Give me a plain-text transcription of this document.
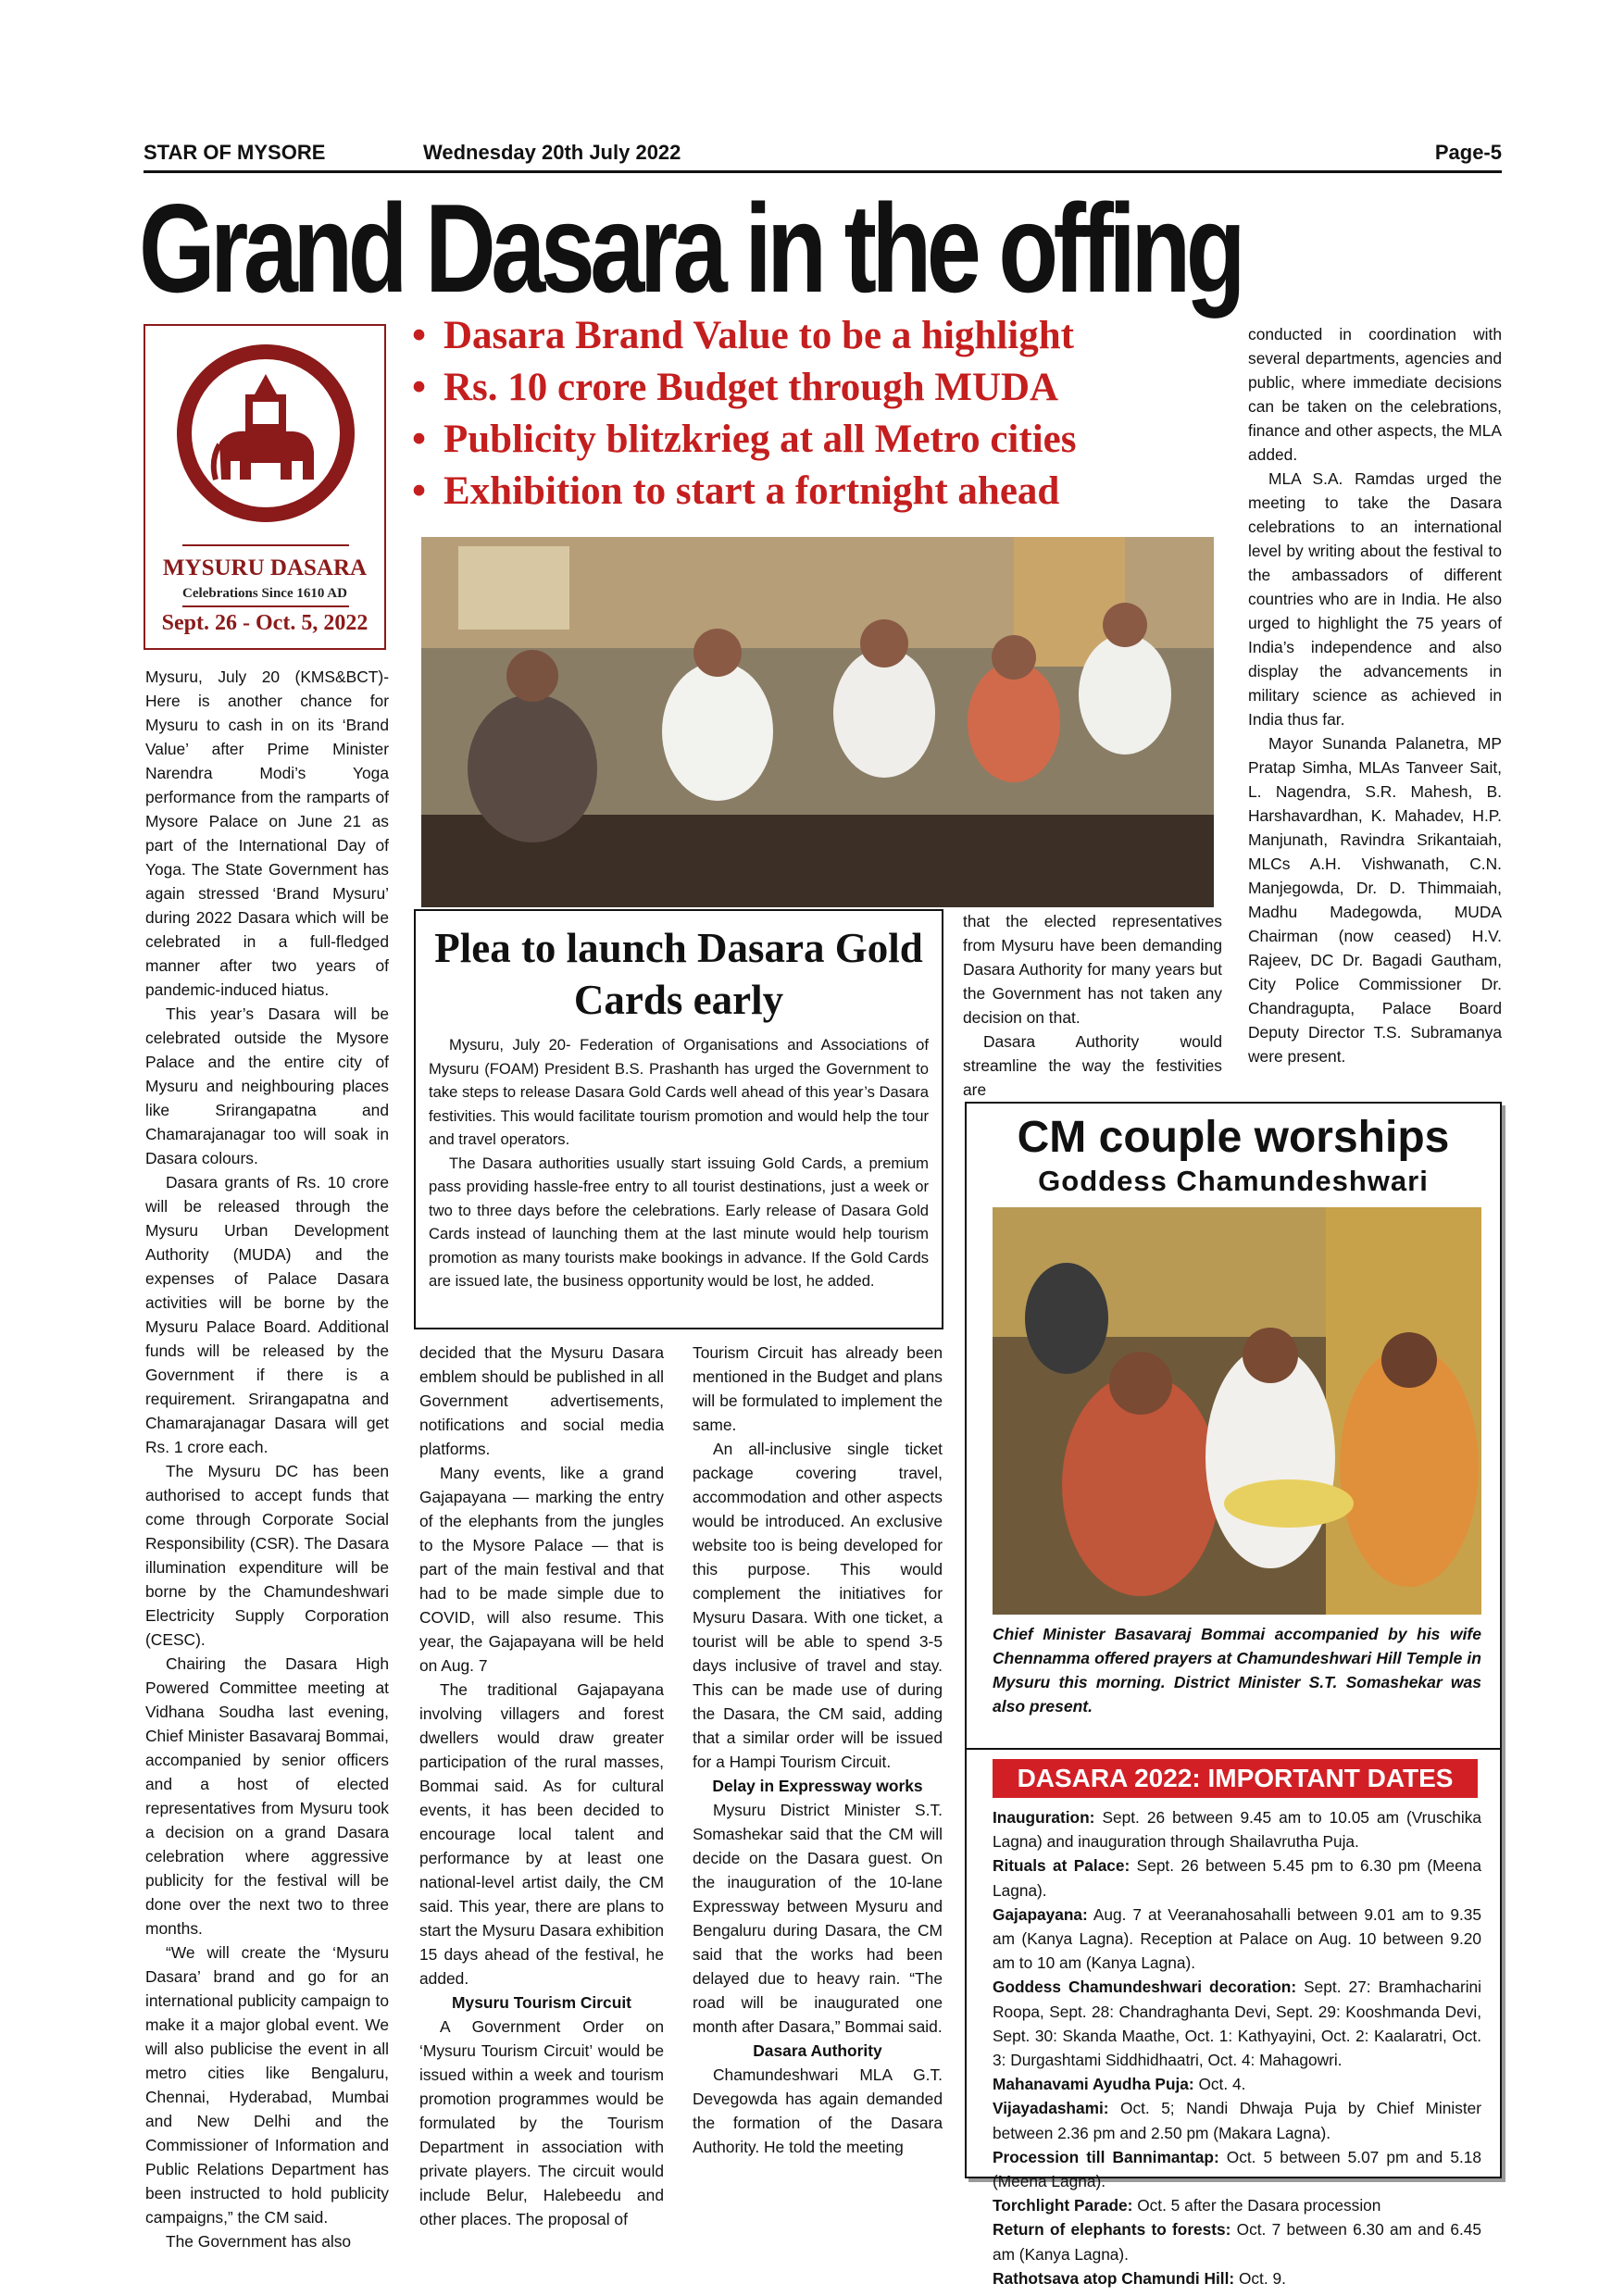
STAR OF MYSORE	Wednesday 20th July 2022	Page-5
Grand Dasara in the offing
MYSURU DASARA
Celebrations Since 1610 AD
Sept. 26 - Oct. 5, 2022
• Dasara Brand Value to be a highlight
• Rs. 10 crore Budget through MUDA
• Publicity blitzkrieg at all Metro cities
• Exhibition to start a fortnight ahead

Mysuru, July 20 (KMS&BCT)- Here is another chance for Mysuru to cash in on its ‘Brand Value’ after Prime Minister Narendra Modi’s Yoga performance from the ramparts of Mysore Palace on June 21 as part of the International Day of Yoga. The State Government has again stressed ‘Brand Mysuru’ during 2022 Dasara which will be celebrated in a full-fledged manner after two years of pandemic-induced hiatus.

This year’s Dasara will be celebrated outside the Mysore Palace and the entire city of Mysuru and neighbouring places like Srirangapatna and Chamarajanagar too will soak in Dasara colours.

Dasara grants of Rs. 10 crore will be released through the Mysuru Urban Development Authority (MUDA) and the expenses of Palace Dasara activities will be borne by the Mysuru Palace Board. Additional funds will be released by the Government if there is a requirement. Srirangapatna and Chamarajanagar Dasara will get Rs. 1 crore each.

The Mysuru DC has been authorised to accept funds that come through Corporate Social Responsibility (CSR). The Dasara illumination expenditure will be borne by the Chamundeshwari Electricity Supply Corporation (CESC).

Chairing the Dasara High Powered Committee meeting at Vidhana Soudha last evening, Chief Minister Basavaraj Bommai, accompanied by senior officers and a host of elected representatives from Mysuru took a decision on a grand Dasara celebration where aggressive publicity for the festival will be done over the next two to three months.

“We will create the ‘Mysuru Dasara’ brand and go for an international publicity campaign to make it a major global event. We will also publicise the event in all metro cities like Bengaluru, Chennai, Hyderabad, Mumbai and New Delhi and the Commissioner of Information and Public Relations Department has been instructed to hold publicity campaigns,” the CM said.

The Government has also

Plea to launch Dasara Gold Cards early

Mysuru, July 20- Federation of Organisations and Associations of Mysuru (FOAM) President B.S. Prashanth has urged the Government to take steps to release Dasara Gold Cards well ahead of this year’s Dasara festivities. This would facilitate tourism promotion and would help the tour and travel operators.

The Dasara authorities usually start issuing Gold Cards, a premium pass providing hassle-free entry to all tourist destinations, just a week or two to three days before the celebrations. Early release of Dasara Gold Cards instead of launching them at the last minute would help tourism promotion as many tourists make bookings in advance. If the Gold Cards are issued late, the business opportunity would be lost, he added.

decided that the Mysuru Dasara emblem should be published in all Government advertisements, notifications and social media platforms.

Many events, like a grand Gajapayana — marking the entry of the elephants from the jungles to the Mysore Palace — that is part of the main festival and that had to be made simple due to COVID, will also resume. This year, the Gajapayana will be held on Aug. 7

The traditional Gajapayana involving villagers and forest dwellers would draw greater participation of the rural masses, Bommai said. As for cultural events, it has been decided to encourage local talent and performance by at least one national-level artist daily, the CM said. This year, there are plans to start the Mysuru Dasara exhibition 15 days ahead of the festival, he added.

Mysuru Tourism Circuit

A Government Order on ‘Mysuru Tourism Circuit’ would be issued within a week and tourism promotion programmes would be formulated by the Tourism Department in association with private players. The circuit would include Belur, Halebeedu and other places. The proposal of

that the elected representatives from Mysuru have been demanding Dasara Authority for many years but the Government has not taken any decision on that.

Dasara Authority would streamline the way the festivities are

Tourism Circuit has already been mentioned in the Budget and plans will be formulated to implement the same.

An all-inclusive single ticket package covering travel, accommodation and other aspects would be introduced. An exclusive website too is being developed for this purpose. This would complement the initiatives for Mysuru Dasara. With one ticket, a tourist will be able to spend 3-5 days inclusive of travel and stay. This can be made use of during the Dasara, the CM said, adding that a similar order will be issued for a Hampi Tourism Circuit.

Delay in Expressway works

Mysuru District Minister S.T. Somashekar said that the CM will decide on the Dasara guest. On the inauguration of the 10-lane Expressway between Mysuru and Bengaluru during Dasara, the CM said that the works had been delayed due to heavy rain. “The road will be inaugurated one month after Dasara,” Bommai said.

Dasara Authority

Chamundeshwari MLA G.T. Devegowda has again demanded the formation of the Dasara Authority. He told the meeting

conducted in coordination with several departments, agencies and public, where immediate decisions can be taken on the celebrations, finance and other aspects, the MLA added.

MLA S.A. Ramdas urged the meeting to take the Dasara celebrations to an international level by writing about the festival to the ambassadors of different countries who are in India. He also urged to highlight the 75 years of India’s independence and also display the advancements in military science as achieved in India thus far.

Mayor Sunanda Palanetra, MP Pratap Simha, MLAs Tanveer Sait, L. Nagendra, S.R. Mahesh, B. Harshavardhan, K. Mahadev, H.P. Manjunath, Ravindra Srikantaiah, MLCs A.H. Vishwanath, C.N. Manjegowda, Dr. D. Thimmaiah, Madhu Madegowda, MUDA Chairman (now ceased) H.V. Rajeev, DC Dr. Bagadi Gautham, City Police Commissioner Dr. Chandragupta, Palace Board Deputy Director T.S. Subramanya were present.

CM couple worships
Goddess Chamundeshwari
Chief Minister Basavaraj Bommai accompanied by his wife Chennamma offered prayers at Chamundeshwari Hill Temple in Mysuru this morning. District Minister S.T. Somashekar was also present.
DASARA 2022: IMPORTANT DATES

Inauguration: Sept. 26 between 9.45 am to 10.05 am (Vruschika Lagna) and inauguration through Shailavrutha Puja.

Rituals at Palace: Sept. 26 between 5.45 pm to 6.30 pm (Meena Lagna).

Gajapayana: Aug. 7 at Veeranahosahalli between 9.01 am to 9.35 am (Kanya Lagna). Reception at Palace on Aug. 10 between 9.20 am to 10 am (Kanya Lagna).

Goddess Chamundeshwari decoration: Sept. 27: Bramhacharini Roopa, Sept. 28: Chandraghanta Devi, Sept. 29: Kooshmanda Devi, Sept. 30: Skanda Maathe, Oct. 1: Kathyayini, Oct. 2: Kaalaratri, Oct. 3: Durgashtami Siddhidhaatri, Oct. 4: Mahagowri.

Mahanavami Ayudha Puja: Oct. 4.

Vijayadashami: Oct. 5; Nandi Dhwaja Puja by Chief Minister between 2.36 pm and 2.50 pm (Makara Lagna).

Procession till Bannimantap: Oct. 5 between 5.07 pm and 5.18 (Meena Lagna).

Torchlight Parade: Oct. 5 after the Dasara procession

Return of elephants to forests: Oct. 7 between 6.30 am and 6.45 am (Kanya Lagna).

Rathotsava atop Chamundi Hill: Oct. 9.
